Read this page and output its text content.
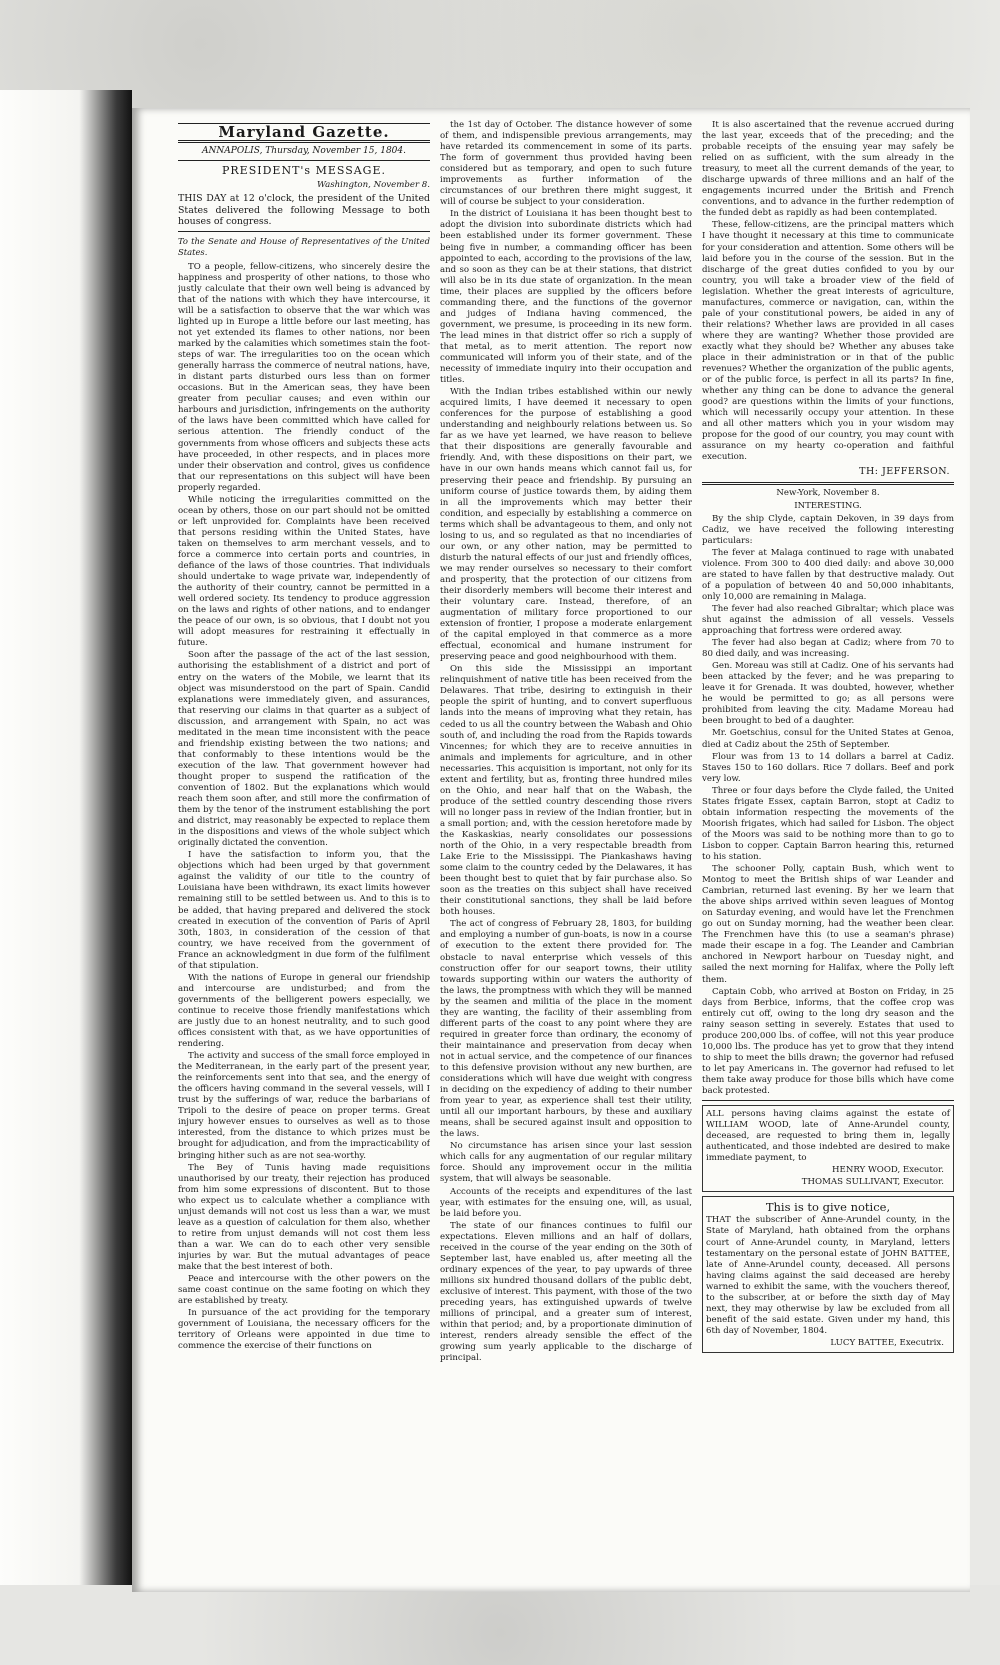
Maryland Gazette.
ANNAPOLIS, Thursday, November 15, 1804.
PRESIDENT's MESSAGE.
Washington, November 8.

THIS DAY at 12 o'clock, the president of the United States delivered the following Message to both houses of congress.

To the Senate and House of Representatives of the United States.

TO a people, fellow-citizens, who sincerely desire the happiness and prosperity of other nations, to those who justly calculate that their own well being is advanced by that of the nations with which they have intercourse, it will be a satisfaction to observe that the war which was lighted up in Europe a little before our last meeting, has not yet extended its flames to other nations, nor been marked by the calamities which sometimes stain the foot-steps of war. The irregularities too on the ocean which generally harrass the commerce of neutral nations, have, in distant parts disturbed ours less than on former occasions. But in the American seas, they have been greater from peculiar causes; and even within our harbours and jurisdiction, infringements on the authority of the laws have been committed which have called for serious attention. The friendly conduct of the governments from whose officers and subjects these acts have proceeded, in other respects, and in places more under their observation and control, gives us confidence that our representations on this subject will have been properly regarded.

While noticing the irregularities committed on the ocean by others, those on our part should not be omitted or left unprovided for. Complaints have been received that persons residing within the United States, have taken on themselves to arm merchant vessels, and to force a commerce into certain ports and countries, in defiance of the laws of those countries. That individuals should undertake to wage private war, independently of the authority of their country, cannot be permitted in a well ordered society. Its tendency to produce aggression on the laws and rights of other nations, and to endanger the peace of our own, is so obvious, that I doubt not you will adopt measures for restraining it effectually in future.

Soon after the passage of the act of the last session, authorising the establishment of a district and port of entry on the waters of the Mobile, we learnt that its object was misunderstood on the part of Spain. Candid explanations were immediately given, and assurances, that reserving our claims in that quarter as a subject of discussion, and arrangement with Spain, no act was meditated in the mean time inconsistent with the peace and friendship existing between the two nations; and that conformably to these intentions would be the execution of the law. That government however had thought proper to suspend the ratification of the convention of 1802. But the explanations which would reach them soon after, and still more the confirmation of them by the tenor of the instrument establishing the port and district, may reasonably be expected to replace them in the dispositions and views of the whole subject which originally dictated the convention.

I have the satisfaction to inform you, that the objections which had been urged by that government against the validity of our title to the country of Louisiana have been withdrawn, its exact limits however remaining still to be settled between us. And to this is to be added, that having prepared and delivered the stock created in execution of the convention of Paris of April 30th, 1803, in consideration of the cession of that country, we have received from the government of France an acknowledgment in due form of the fulfilment of that stipulation.

With the nations of Europe in general our friendship and intercourse are undisturbed; and from the governments of the belligerent powers especially, we continue to receive those friendly manifestations which are justly due to an honest neutrality, and to such good offices consistent with that, as we have opportunities of rendering.

The activity and success of the small force employed in the Mediterranean, in the early part of the present year, the reinforcements sent into that sea, and the energy of the officers having command in the several vessels, will I trust by the sufferings of war, reduce the barbarians of Tripoli to the desire of peace on proper terms. Great injury however ensues to ourselves as well as to those interested, from the distance to which prizes must be brought for adjudication, and from the impracticability of bringing hither such as are not sea-worthy.

The Bey of Tunis having made requisitions unauthorised by our treaty, their rejection has produced from him some expressions of discontent. But to those who expect us to calculate whether a compliance with unjust demands will not cost us less than a war, we must leave as a question of calculation for them also, whether to retire from unjust demands will not cost them less than a war. We can do to each other very sensible injuries by war. But the mutual advantages of peace make that the best interest of both.

Peace and intercourse with the other powers on the same coast continue on the same footing on which they are established by treaty.

In pursuance of the act providing for the temporary government of Louisiana, the necessary officers for the territory of Orleans were appointed in due time to commence the exercise of their functions on

the 1st day of October. The distance however of some of them, and indispensible previous arrangements, may have retarded its commencement in some of its parts. The form of government thus provided having been considered but as temporary, and open to such future improvements as further information of the circumstances of our brethren there might suggest, it will of course be subject to your consideration.

In the district of Louisiana it has been thought best to adopt the division into subordinate districts which had been established under its former government. These being five in number, a commanding officer has been appointed to each, according to the provisions of the law, and so soon as they can be at their stations, that district will also be in its due state of organization. In the mean time, their places are supplied by the officers before commanding there, and the functions of the governor and judges of Indiana having commenced, the government, we presume, is proceeding in its new form. The lead mines in that district offer so rich a supply of that metal, as to merit attention. The report now communicated will inform you of their state, and of the necessity of immediate inquiry into their occupation and titles.

With the Indian tribes established within our newly acquired limits, I have deemed it necessary to open conferences for the purpose of establishing a good understanding and neighbourly relations between us. So far as we have yet learned, we have reason to believe that their dispositions are generally favourable and friendly. And, with these dispositions on their part, we have in our own hands means which cannot fail us, for preserving their peace and friendship. By pursuing an uniform course of justice towards them, by aiding them in all the improvements which may better their condition, and especially by establishing a commerce on terms which shall be advantageous to them, and only not losing to us, and so regulated as that no incendiaries of our own, or any other nation, may be permitted to disturb the natural effects of our just and friendly offices, we may render ourselves so necessary to their comfort and prosperity, that the protection of our citizens from their disorderly members will become their interest and their voluntary care. Instead, therefore, of an augmentation of military force proportioned to our extension of frontier, I propose a moderate enlargement of the capital employed in that commerce as a more effectual, economical and humane instrument for preserving peace and good neighbourhood with them.

On this side the Mississippi an important relinquishment of native title has been received from the Delawares. That tribe, desiring to extinguish in their people the spirit of hunting, and to convert superfluous lands into the means of improving what they retain, has ceded to us all the country between the Wabash and Ohio south of, and including the road from the Rapids towards Vincennes; for which they are to receive annuities in animals and implements for agriculture, and in other necessaries. This acquisition is important, not only for its extent and fertility, but as, fronting three hundred miles on the Ohio, and near half that on the Wabash, the produce of the settled country descending those rivers will no longer pass in review of the Indian frontier, but in a small portion; and, with the cession heretofore made by the Kaskaskias, nearly consolidates our possessions north of the Ohio, in a very respectable breadth from Lake Erie to the Mississippi. The Piankashaws having some claim to the country ceded by the Delawares, it has been thought best to quiet that by fair purchase also. So soon as the treaties on this subject shall have received their constitutional sanctions, they shall be laid before both houses.

The act of congress of February 28, 1803, for building and employing a number of gun-boats, is now in a course of execution to the extent there provided for. The obstacle to naval enterprise which vessels of this construction offer for our seaport towns, their utility towards supporting within our waters the authority of the laws, the promptness with which they will be manned by the seamen and militia of the place in the moment they are wanting, the facility of their assembling from different parts of the coast to any point where they are required in greater force than ordinary, the economy of their maintainance and preservation from decay when not in actual service, and the competence of our finances to this defensive provision without any new burthen, are considerations which will have due weight with congress in deciding on the expediency of adding to their number from year to year, as experience shall test their utility, until all our important harbours, by these and auxiliary means, shall be secured against insult and opposition to the laws.

No circumstance has arisen since your last session which calls for any augmentation of our regular military force. Should any improvement occur in the militia system, that will always be seasonable.

Accounts of the receipts and expenditures of the last year, with estimates for the ensuing one, will, as usual, be laid before you.

The state of our finances continues to fulfil our expectations. Eleven millions and an half of dollars, received in the course of the year ending on the 30th of September last, have enabled us, after meeting all the ordinary expences of the year, to pay upwards of three millions six hundred thousand dollars of the public debt, exclusive of interest. This payment, with those of the two preceding years, has extinguished upwards of twelve millions of principal, and a greater sum of interest, within that period; and, by a proportionate diminution of interest, renders already sensible the effect of the growing sum yearly applicable to the discharge of principal.

It is also ascertained that the revenue accrued during the last year, exceeds that of the preceding; and the probable receipts of the ensuing year may safely be relied on as sufficient, with the sum already in the treasury, to meet all the current demands of the year, to discharge upwards of three millions and an half of the engagements incurred under the British and French conventions, and to advance in the further redemption of the funded debt as rapidly as had been contemplated.

These, fellow-citizens, are the principal matters which I have thought it necessary at this time to communicate for your consideration and attention. Some others will be laid before you in the course of the session. But in the discharge of the great duties confided to you by our country, you will take a broader view of the field of legislation. Whether the great interests of agriculture, manufactures, commerce or navigation, can, within the pale of your constitutional powers, be aided in any of their relations? Whether laws are provided in all cases where they are wanting? Whether those provided are exactly what they should be? Whether any abuses take place in their administration or in that of the public revenues? Whether the organization of the public agents, or of the public force, is perfect in all its parts? In fine, whether any thing can be done to advance the general good? are questions within the limits of your functions, which will necessarily occupy your attention. In these and all other matters which you in your wisdom may propose for the good of our country, you may count with assurance on my hearty co-operation and faithful execution.

TH: JEFFERSON.
New-York, November 8.
INTERESTING.

By the ship Clyde, captain Dekoven, in 39 days from Cadiz, we have received the following interesting particulars:

The fever at Malaga continued to rage with unabated violence. From 300 to 400 died daily: and above 30,000 are stated to have fallen by that destructive malady. Out of a population of between 40 and 50,000 inhabitants, only 10,000 are remaining in Malaga.

The fever had also reached Gibraltar; which place was shut against the admission of all vessels. Vessels approaching that fortress were ordered away.

The fever had also began at Cadiz; where from 70 to 80 died daily, and was increasing.

Gen. Moreau was still at Cadiz. One of his servants had been attacked by the fever; and he was preparing to leave it for Grenada. It was doubted, however, whether he would be permitted to go; as all persons were prohibited from leaving the city. Madame Moreau had been brought to bed of a daughter.

Mr. Goetschius, consul for the United States at Genoa, died at Cadiz about the 25th of September.

Flour was from 13 to 14 dollars a barrel at Cadiz. Staves 150 to 160 dollars. Rice 7 dollars. Beef and pork very low.

Three or four days before the Clyde failed, the United States frigate Essex, captain Barron, stopt at Cadiz to obtain information respecting the movements of the Moorish frigates, which had sailed for Lisbon. The object of the Moors was said to be nothing more than to go to Lisbon to copper. Captain Barron hearing this, returned to his station.

The schooner Polly, captain Bush, which went to Montog to meet the British ships of war Leander and Cambrian, returned last evening. By her we learn that the above ships arrived within seven leagues of Montog on Saturday evening, and would have let the Frenchmen go out on Sunday morning, had the weather been clear. The Frenchmen have this (to use a seaman's phrase) made their escape in a fog. The Leander and Cambrian anchored in Newport harbour on Tuesday night, and sailed the next morning for Halifax, where the Polly left them.

Captain Cobb, who arrived at Boston on Friday, in 25 days from Berbice, informs, that the coffee crop was entirely cut off, owing to the long dry season and the rainy season setting in severely. Estates that used to produce 200,000 lbs. of coffee, will not this year produce 10,000 lbs. The produce has yet to grow that they intend to ship to meet the bills drawn; the governor had refused to let pay Americans in. The governor had refused to let them take away produce for those bills which have come back protested.

ALL persons having claims against the estate of WILLIAM WOOD, late of Anne-Arundel county, deceased, are requested to bring them in, legally authenticated, and those indebted are desired to make immediate payment, to

HENRY WOOD, Executor.
THOMAS SULLIVANT, Executor.
This is to give notice,

THAT the subscriber of Anne-Arundel county, in the State of Maryland, hath obtained from the orphans court of Anne-Arundel county, in Maryland, letters testamentary on the personal estate of JOHN BATTEE, late of Anne-Arundel county, deceased. All persons having claims against the said deceased are hereby warned to exhibit the same, with the vouchers thereof, to the subscriber, at or before the sixth day of May next, they may otherwise by law be excluded from all benefit of the said estate. Given under my hand, this 6th day of November, 1804.

LUCY BATTEE, Executrix.
